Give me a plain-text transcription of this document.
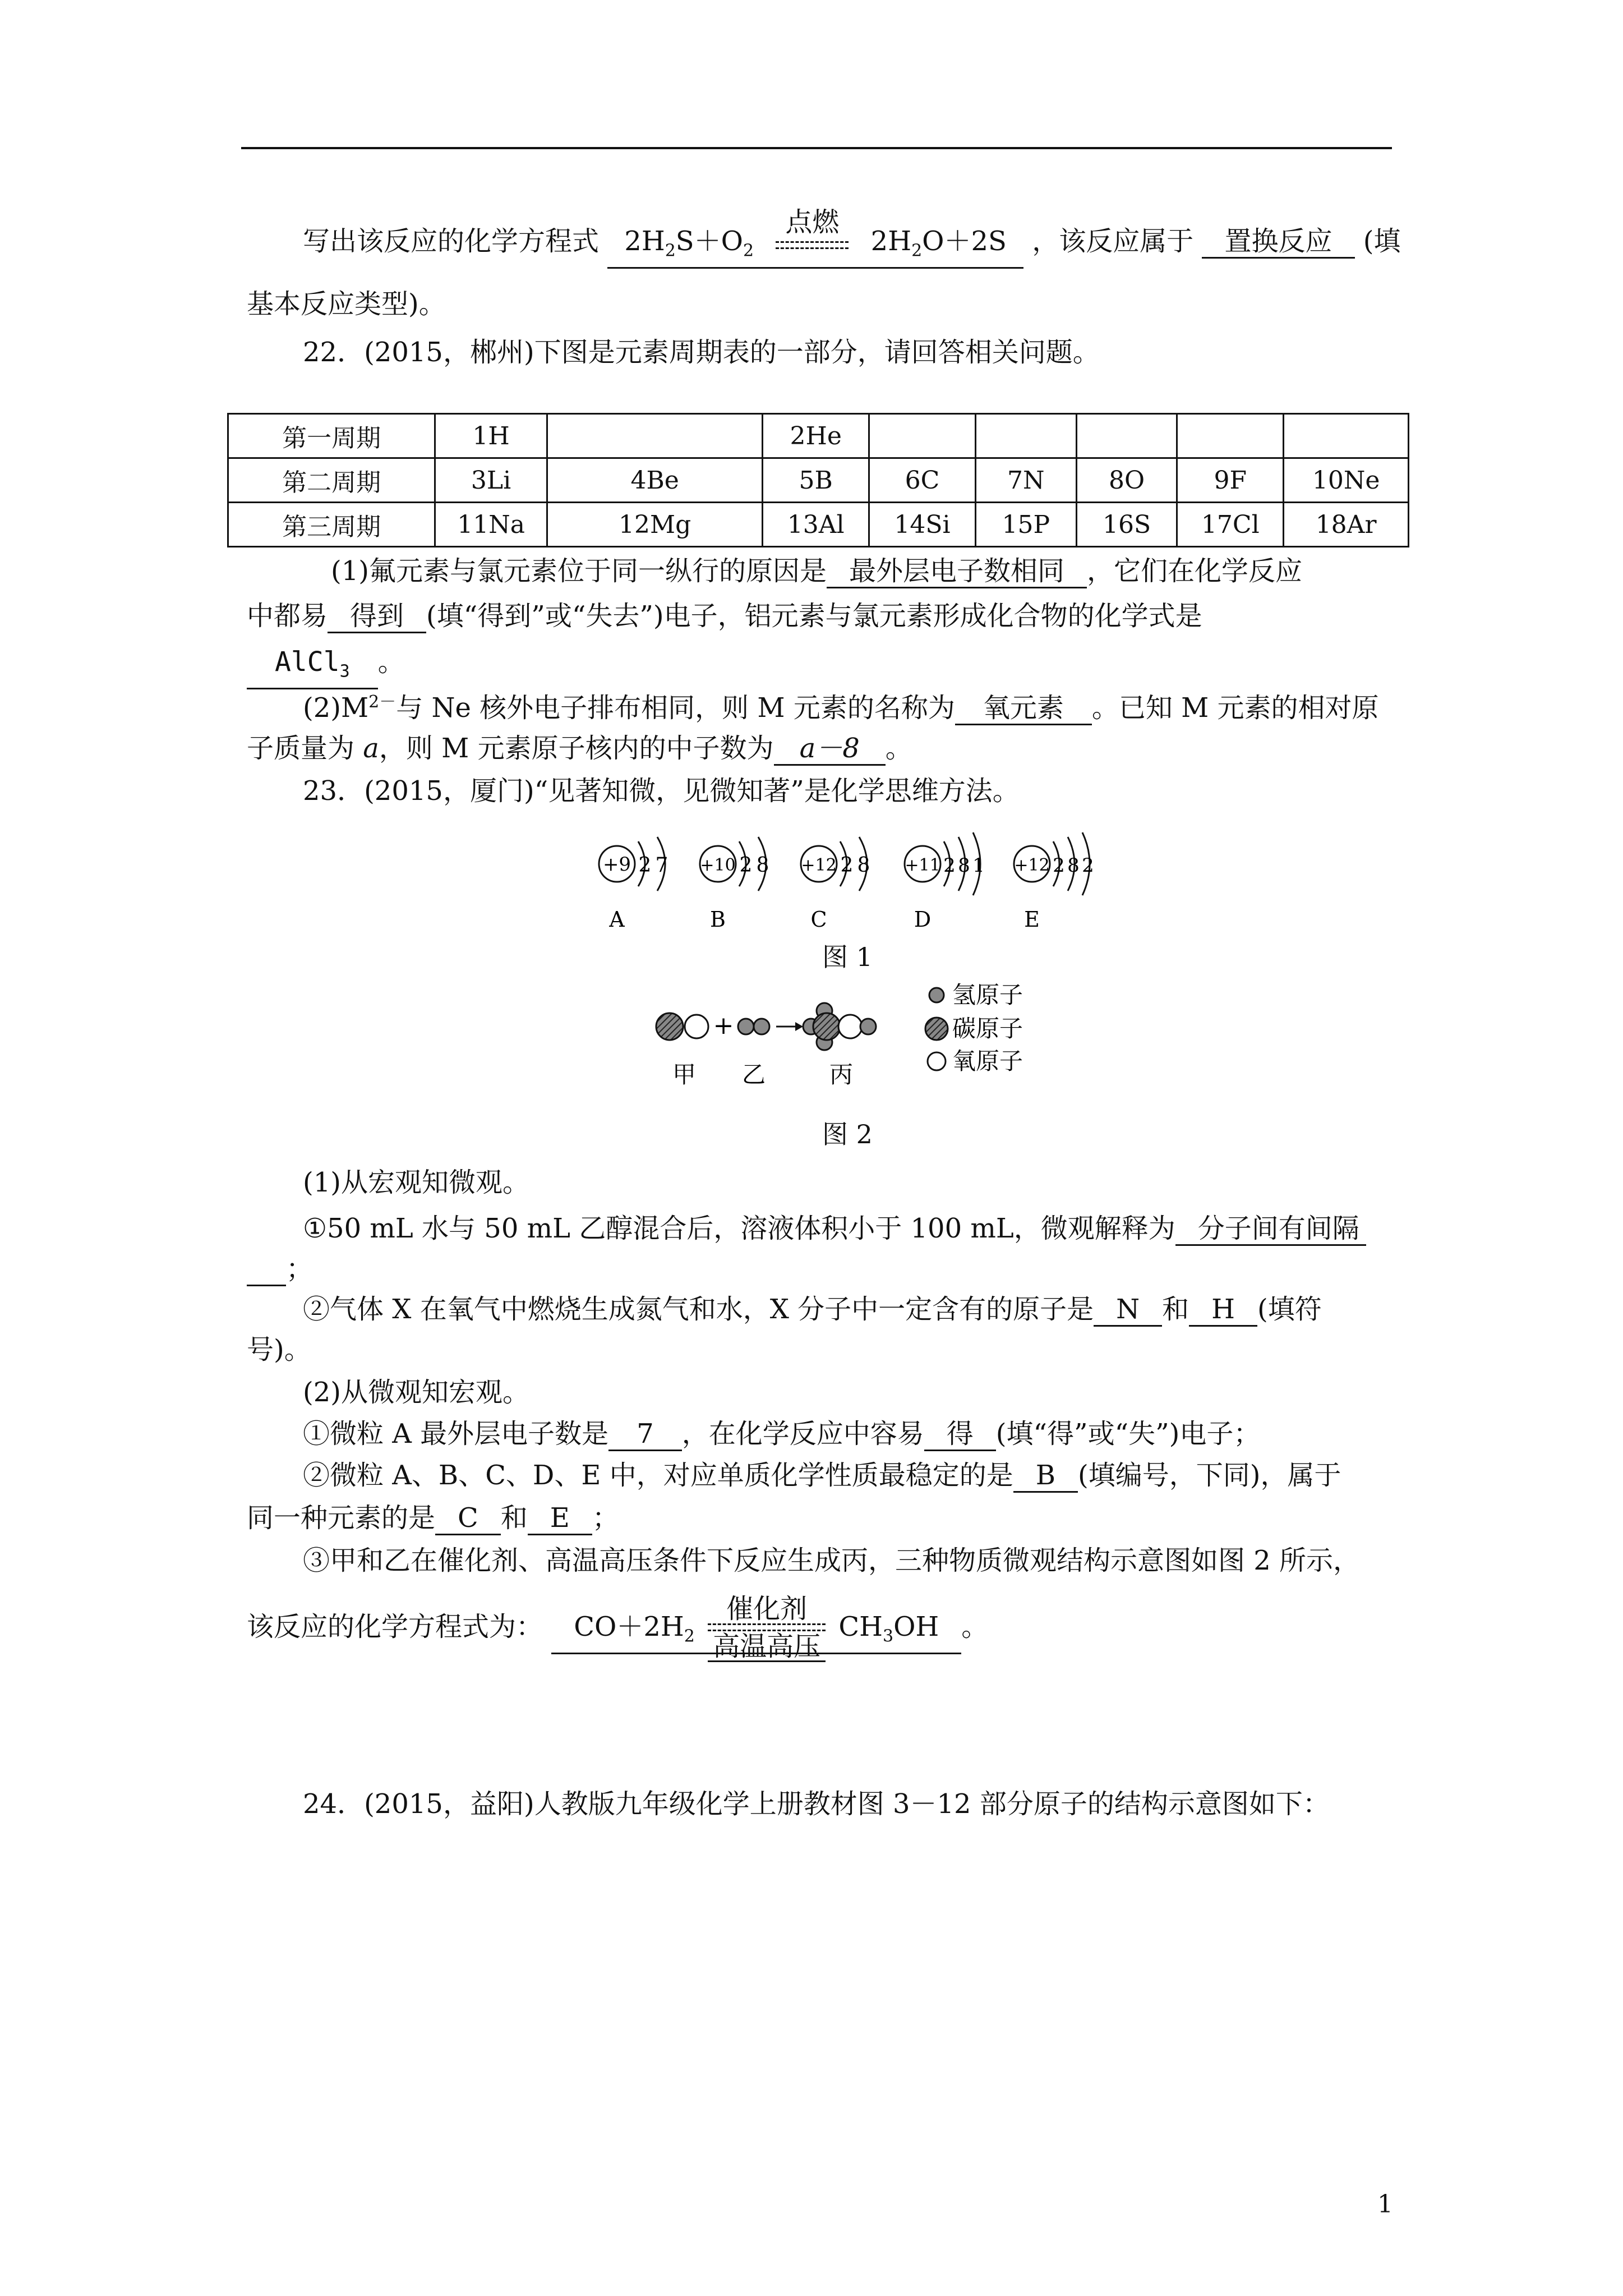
写出该反应的化学方程式 $2H_2S+O_2$
点燃
$2H_2O+2S$ ，该反应属于 置换反应 (填
基本反应类型)。
22．(2015，郴州)下图是元素周期表的一部分，请回答相关问题。
第一周期	1H		2He					
第二周期	3Li	4Be	5B	6C	7N	8O	9F	10Ne
第三周期	11Na	12Mg	13Al	14Si	15P	16S	17Cl	18Ar
(1)氟元素与氯元素位于同一纵行的原因是 最外层电子数相同 ，它们在化学反应
中都易 得到 (填“得到”或“失去”)电子，铝元素与氯元素形成化合物的化学式是
AlCl$_3$ 。
$(2)M^{2-}$与 Ne 核外电子排布相同，则 M 元素的名称为 氧元素 。已知 M 元素的相对原
子质量为 a，则 M 元素原子核内的中子数为 a－8 。
23．(2015，厦门)“见著知微，见微知著”是化学思维方法。
+9 2 7
A
+10 2 8
B
+12 2 8
C
+11 2 8 1
D
+12 2 8 2
E
图 1
+
甲 乙	丙
氢原子
碳原子
氧原子
图 2
(1)从宏观知微观。
①50 mL 水与 50 mL 乙醇混合后，溶液体积小于 100 mL，微观解释为 分子间有间隔
；
②气体 X 在氧气中燃烧生成氮气和水，X 分子中一定含有的原子是 N 和 H (填符
号)。
(2)从微观知宏观。
①微粒 A 最外层电子数是 7 ，在化学反应中容易 得 (填“得”或“失”)电子；
②微粒 A、B、C、D、E 中，对应单质化学性质最稳定的是 B (填编号，下同)，属于
同一种元素的是 C 和 E ；
③甲和乙在催化剂、高温高压条件下反应生成丙，三种物质微观结构示意图如图 2 所示，
该反应的化学方程式为： $CO+2H_2$
催化剂
高温高压
$CH_3OH$ 。
24．(2015，益阳)人教版九年级化学上册教材图 3－12 部分原子的结构示意图如下：
1
